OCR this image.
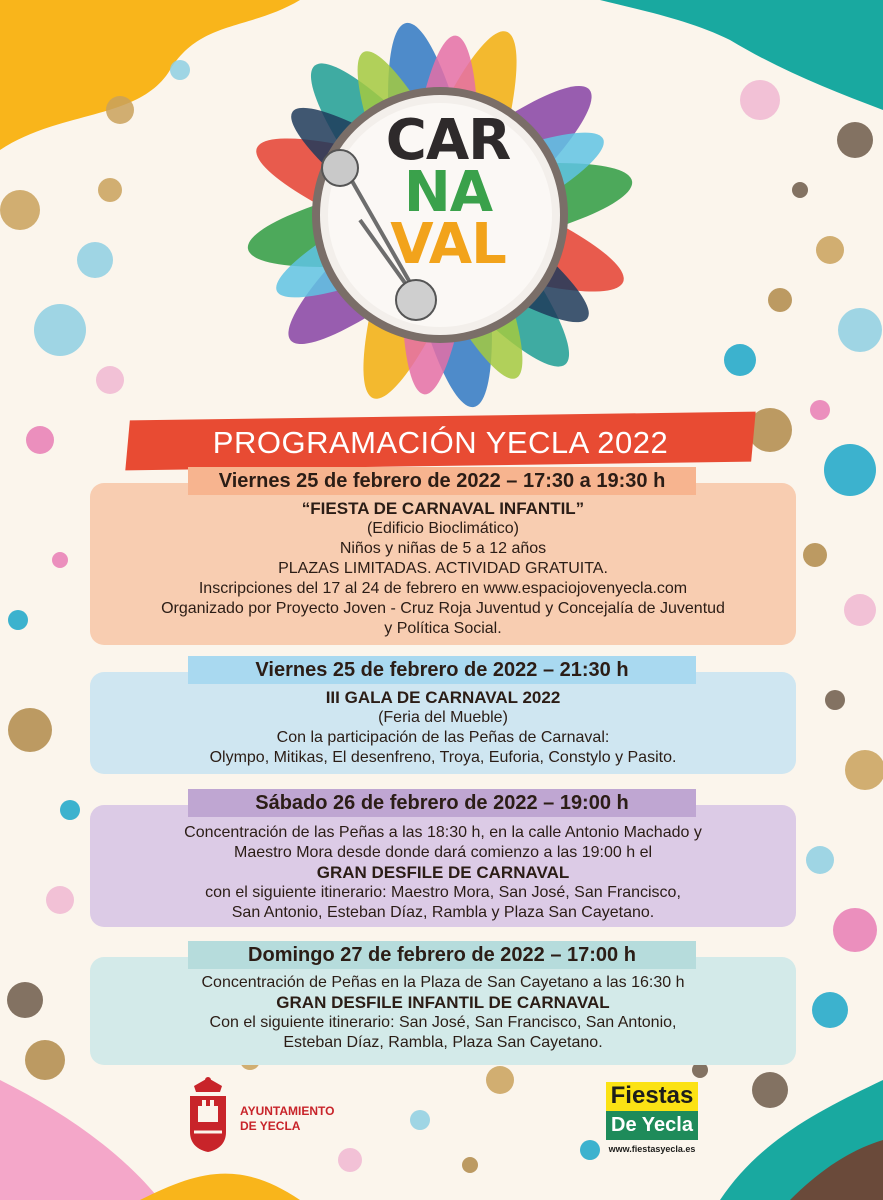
CAR
NA
VAL
PROGRAMACIÓN YECLA 2022
“FIESTA DE CARNAVAL INFANTIL”
(Edificio Bioclimático)
Niños y niñas de 5 a 12 años
PLAZAS LIMITADAS. ACTIVIDAD GRATUITA.
Inscripciones del 17 al 24 de febrero en www.espaciojovenyecla.com
Organizado por Proyecto Joven - Cruz Roja Juventud y Concejalía de Juventud
y Política Social.
Viernes 25 de febrero de 2022 – 17:30 a 19:30 h
III GALA DE CARNAVAL 2022
(Feria del Mueble)
Con la participación de las Peñas de Carnaval:
Olympo, Mitikas, El desenfreno, Troya, Euforia, Constylo y Pasito.
Viernes 25 de febrero de 2022 – 21:30 h
Concentración de las Peñas a las 18:30 h, en la calle Antonio Machado y
Maestro Mora desde donde dará comienzo a las 19:00 h el
GRAN DESFILE DE CARNAVAL
con el siguiente itinerario: Maestro Mora, San José, San Francisco,
San Antonio, Esteban Díaz, Rambla y Plaza San Cayetano.
Sábado 26 de febrero de 2022 – 19:00 h
Concentración de Peñas en la Plaza de San Cayetano a las 16:30 h
GRAN DESFILE INFANTIL DE CARNAVAL
Con el siguiente itinerario: San José, San Francisco, San Antonio,
Esteban Díaz, Rambla, Plaza San Cayetano.
Domingo 27 de febrero de 2022 – 17:00 h
AYUNTAMIENTO
DE YECLA
Fiestas
De Yecla
www.fiestasyecla.es
